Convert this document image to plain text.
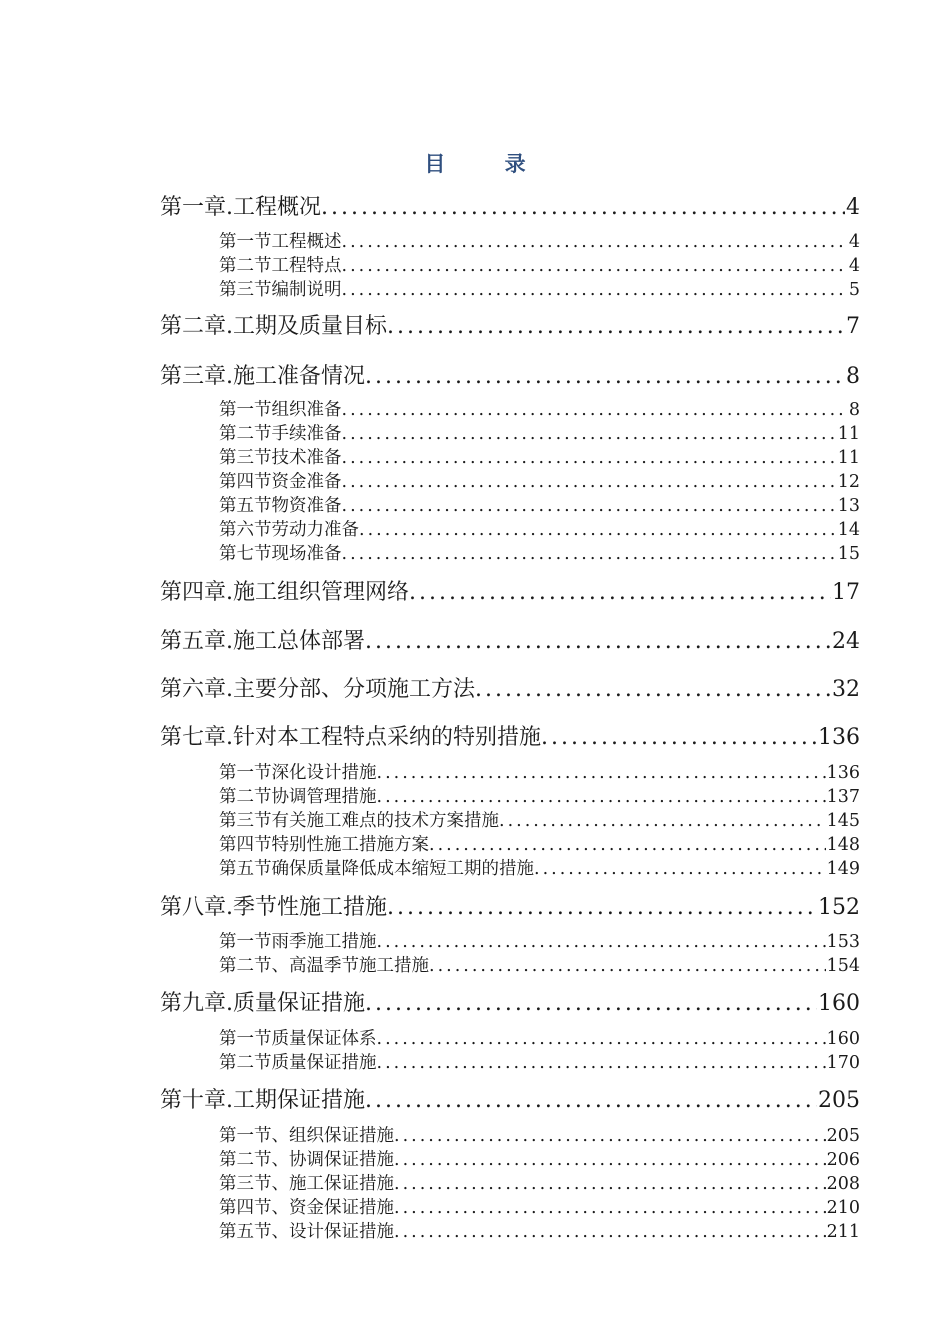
目 录
第一章. 工程概况 .....	4
第一节 工程概述 .....	4
第二节 工程特点 .....	4
第三节 编制说明 .....	5
第二章. 工期及质量目标 .....	7
第三章. 施工准备情况 .....	8
第一节 组织准备 .....	8
第二节 手续准备 .....	11
第三节 技术准备 .....	11
第四节 资金准备 .....	12
第五节 物资准备 .....	13
第六节 劳动力准备 .....	14
第七节 现场准备 .....	15
第四章. 施工组织管理网络 .....	17
第五章. 施工总体部署 .....	24
第六章. 主要分部、分项施工方法 .....	32
第七章. 针对本工程特点采纳的特别措施 .....	136
第一节 深化设计措施 .....	136
第二节 协调管理措施 .....	137
第三节 有关施工难点的技术方案措施 .....	145
第四节 特别性施工措施方案 .....	148
第五节 确保质量降低成本缩短工期的措施 .....	149
第八章. 季节性施工措施 .....	152
第一节 雨季施工措施 .....	153
第二节、 高温季节施工措施 .....	154
第九章. 质量保证措施 .....	160
第一节 质量保证体系 .....	160
第二节 质量保证措施 .....	170
第十章. 工期保证措施 .....	205
第一节、 组织保证措施 .....	205
第二节、 协调保证措施 .....	206
第三节、 施工保证措施 .....	208
第四节、 资金保证措施 .....	210
第五节、 设计保证措施 .....	211
